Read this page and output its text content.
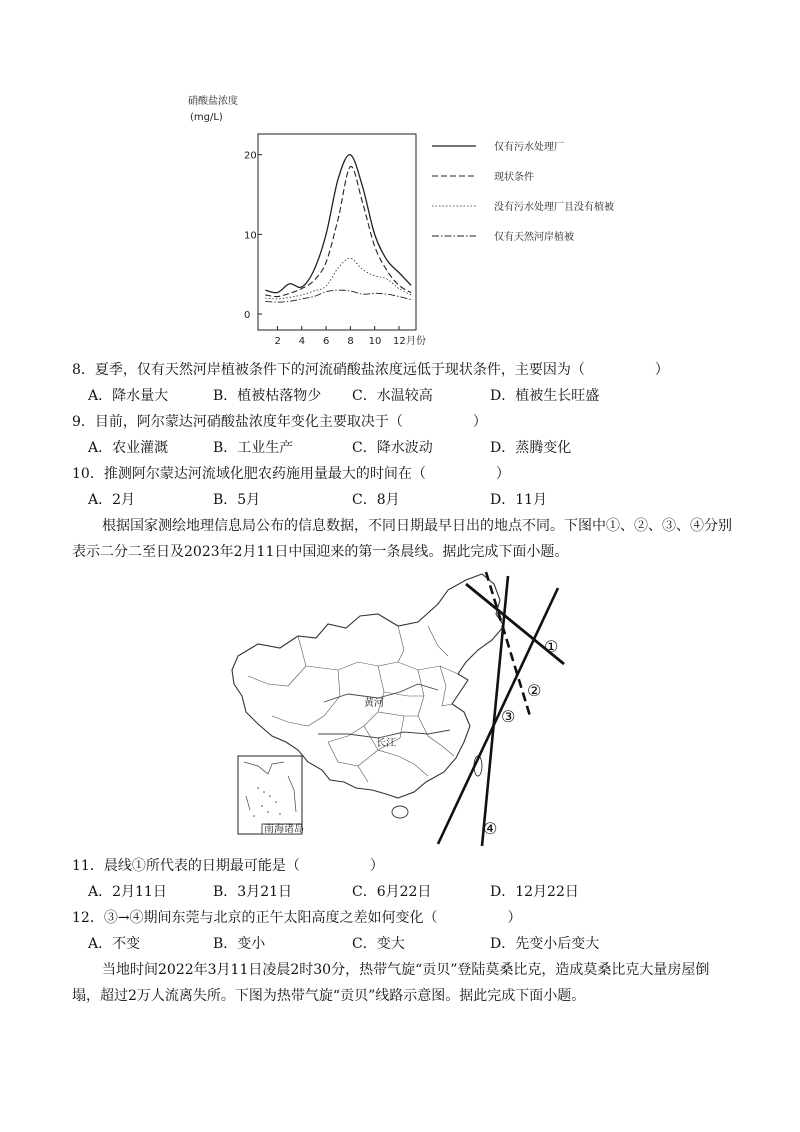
硝酸盐浓度
(mg/L)
0
10
20
2 4 6 8 10 12 月份
仅有污水处理厂
现状条件
没有污水处理厂且没有植被
仅有天然河岸植被
8．夏季，仅有天然河岸植被条件下的河流硝酸盐浓度远低于现状条件，主要因为（　　　　　）
A．降水量大	B．植被枯落物少 C．水温较高	D．植被生长旺盛
9．目前，阿尔蒙达河硝酸盐浓度年变化主要取决于（　　　　　）
A．农业灌溉	B．工业生产	C．降水波动	D．蒸腾变化
10．推测阿尔蒙达河流域化肥农药施用量最大的时间在（　　　　　）
A．2月	B．5月	C．8月	D．11月
根据国家测绘地理信息局公布的信息数据，不同日期最早日出的地点不同。下图中①、②、③、④分别表示二分二至日及2023年2月11日中国迎来的第一条晨线。据此完成下面小题。
黄河
长江
南海诸岛
①
②
③
④
11．晨线①所代表的日期最可能是（　　　　　）
A．2月11日	B．3月21日	C．6月22日	D．12月22日
12．③→④期间东莞与北京的正午太阳高度之差如何变化（　　　　　）
A．不变	B．变小	C．变大	D．先变小后变大
当地时间2022年3月11日凌晨2时30分，热带气旋“贡贝”登陆莫桑比克，造成莫桑比克大量房屋倒塌，超过2万人流离失所。下图为热带气旋“贡贝”线路示意图。据此完成下面小题。
